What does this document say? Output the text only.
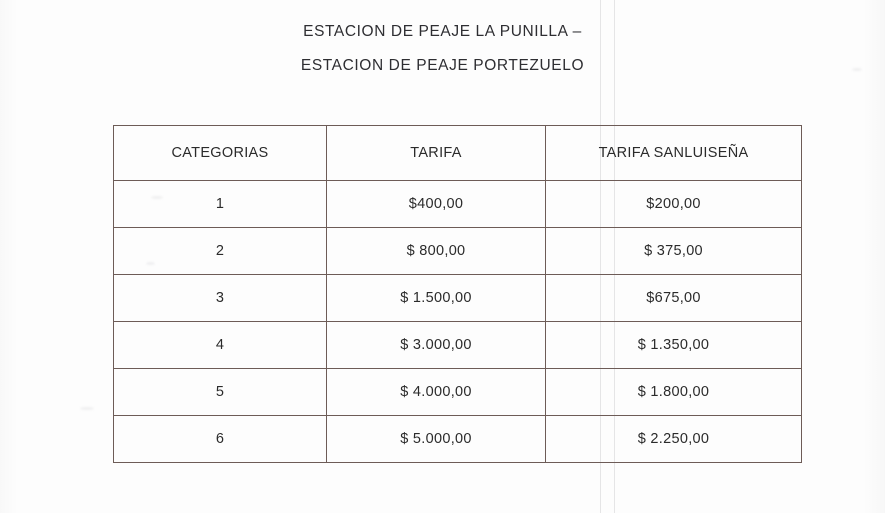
ESTACION DE PEAJE LA PUNILLA –
ESTACION DE PEAJE PORTEZUELO
CATEGORIAS	TARIFA	TARIFA SANLUISEÑA
1	$400,00	$200,00
2	$ 800,00	$ 375,00
3	$ 1.500,00	$675,00
4	$ 3.000,00	$ 1.350,00
5	$ 4.000,00	$ 1.800,00
6	$ 5.000,00	$ 2.250,00
